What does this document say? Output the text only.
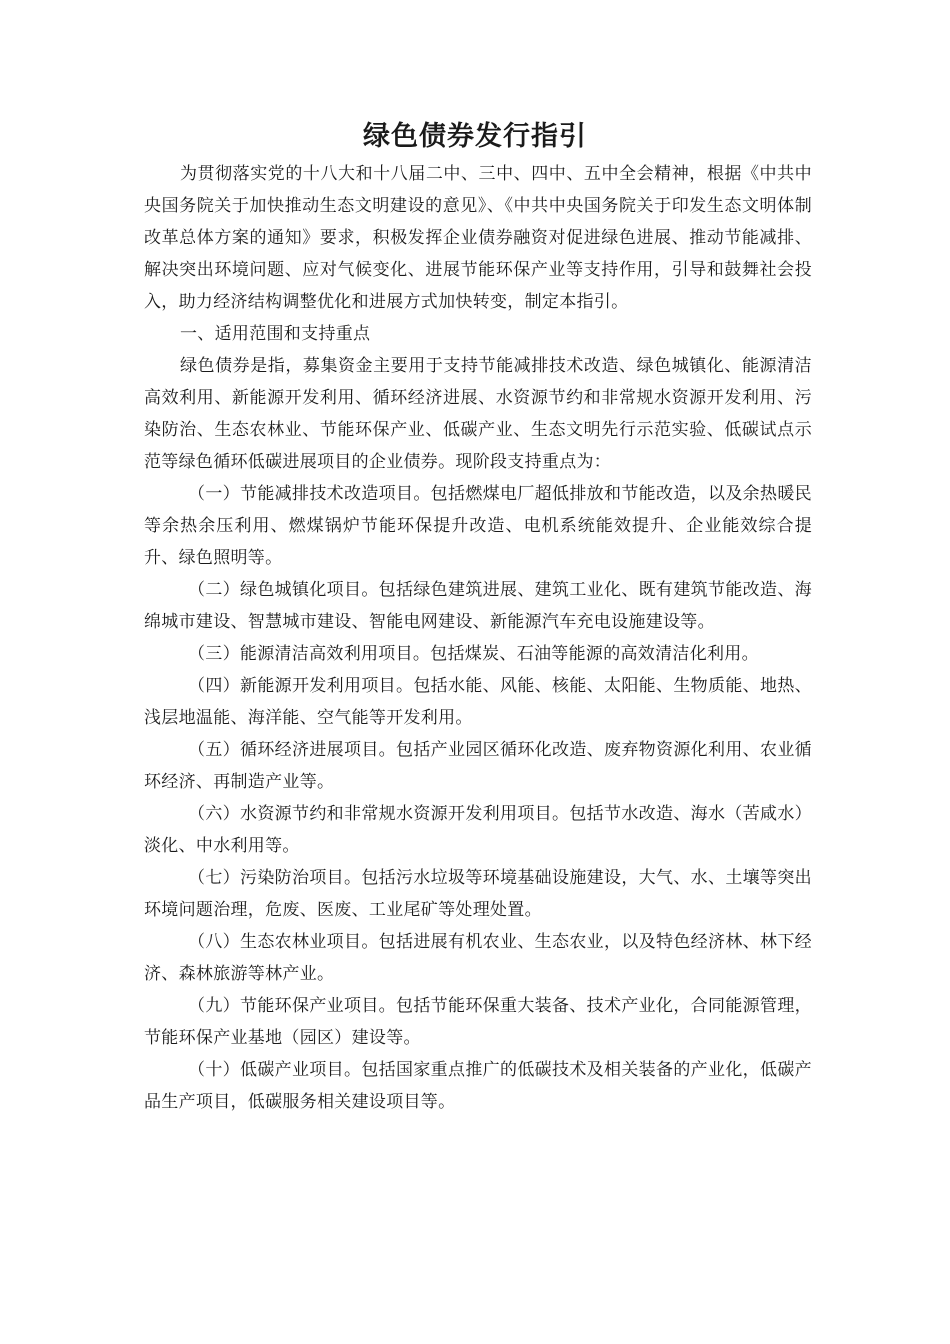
绿色债券发行指引

为贯彻落实党的十八大和十八届二中、三中、四中、五中全会精神，根据《中共中央国务院关于加快推动生态文明建设的意见》、《中共中央国务院关于印发生态文明体制改革总体方案的通知》要求，积极发挥企业债券融资对促进绿色进展、推动节能减排、解决突出环境问题、应对气候变化、进展节能环保产业等支持作用，引导和鼓舞社会投入，助力经济结构调整优化和进展方式加快转变，制定本指引。

一、适用范围和支持重点

绿色债券是指，募集资金主要用于支持节能减排技术改造、绿色城镇化、能源清洁高效利用、新能源开发利用、循环经济进展、水资源节约和非常规水资源开发利用、污染防治、生态农林业、节能环保产业、低碳产业、生态文明先行示范实验、低碳试点示范等绿色循环低碳进展项目的企业债券。现阶段支持重点为：

（一）节能减排技术改造项目。包括燃煤电厂超低排放和节能改造，以及余热暖民等余热余压利用、燃煤锅炉节能环保提升改造、电机系统能效提升、企业能效综合提升、绿色照明等。

（二）绿色城镇化项目。包括绿色建筑进展、建筑工业化、既有建筑节能改造、海绵城市建设、智慧城市建设、智能电网建设、新能源汽车充电设施建设等。

（三）能源清洁高效利用项目。包括煤炭、石油等能源的高效清洁化利用。

（四）新能源开发利用项目。包括水能、风能、核能、太阳能、生物质能、地热、浅层地温能、海洋能、空气能等开发利用。

（五）循环经济进展项目。包括产业园区循环化改造、废弃物资源化利用、农业循环经济、再制造产业等。

（六）水资源节约和非常规水资源开发利用项目。包括节水改造、海水（苦咸水）淡化、中水利用等。

（七）污染防治项目。包括污水垃圾等环境基础设施建设，大气、水、土壤等突出环境问题治理，危废、医废、工业尾矿等处理处置。

（八）生态农林业项目。包括进展有机农业、生态农业，以及特色经济林、林下经济、森林旅游等林产业。

（九）节能环保产业项目。包括节能环保重大装备、技术产业化，合同能源管理，节能环保产业基地（园区）建设等。

（十）低碳产业项目。包括国家重点推广的低碳技术及相关装备的产业化，低碳产品生产项目，低碳服务相关建设项目等。
